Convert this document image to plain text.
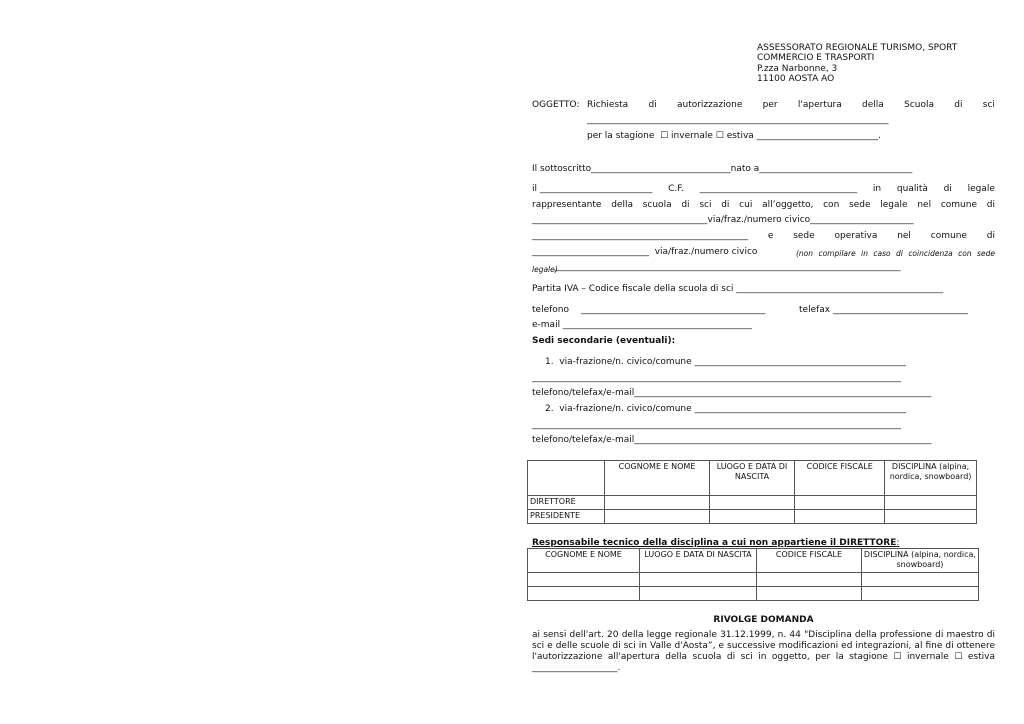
ASSESSORATO REGIONALE TURISMO, SPORT
COMMERCIO E TRASPORTI
P.zza Narbonne, 3
11100 AOSTA AO
OGGETTO: Richiesta di autorizzazione per l'apertura della Scuola di sci
___________________________________________________________________
per la stagione  ☐ invernale ☐ estiva ___________________________.
Il sottoscritto_______________________________nato a__________________________________
il _________________________ C.F. ___________________________________ in qualità di legale
rappresentante della scuola di sci di cui all’oggetto, con sede legale nel comune di
_______________________________________via/fraz./numero civico_______________________
________________________________________________ e sede operativa nel comune di
__________________________  via/fraz./numero civico	(non compilare in caso di coincidenza con sede
legale)
_____________________________________________________________________________
Partita IVA – Codice fiscale della scuola di sci ______________________________________________
telefono _________________________________________	telefax ______________________________
e-mail __________________________________________
Sedi secondarie (eventuali):
1.  via-frazione/n. civico/comune _______________________________________________
__________________________________________________________________________________
telefono/telefax/e-mail__________________________________________________________________
2.  via-frazione/n. civico/comune _______________________________________________
__________________________________________________________________________________
telefono/telefax/e-mail__________________________________________________________________
	COGNOME E NOME	LUOGO E DATA DI NASCITA	CODICE FISCALE	DISCIPLINA (alpina, nordica, snowboard)
DIRETTORE				
PRESIDENTE				
Responsabile tecnico della disciplina a cui non appartiene il DIRETTORE:
COGNOME E NOME	LUOGO E DATA DI NASCITA	CODICE FISCALE	DISCIPLINA (alpina, nordica, snowboard)

RIVOLGE DOMANDA
ai sensi dell'art. 20 della legge regionale 31.12.1999, n. 44 "Disciplina della professione di maestro di sci e delle scuole di sci in Valle d'Aosta”, e successive modificazioni ed integrazioni, al fine di ottenere l'autorizzazione all'apertura della scuola di sci in oggetto, per la stagione ☐ invernale ☐ estiva ___________________.
